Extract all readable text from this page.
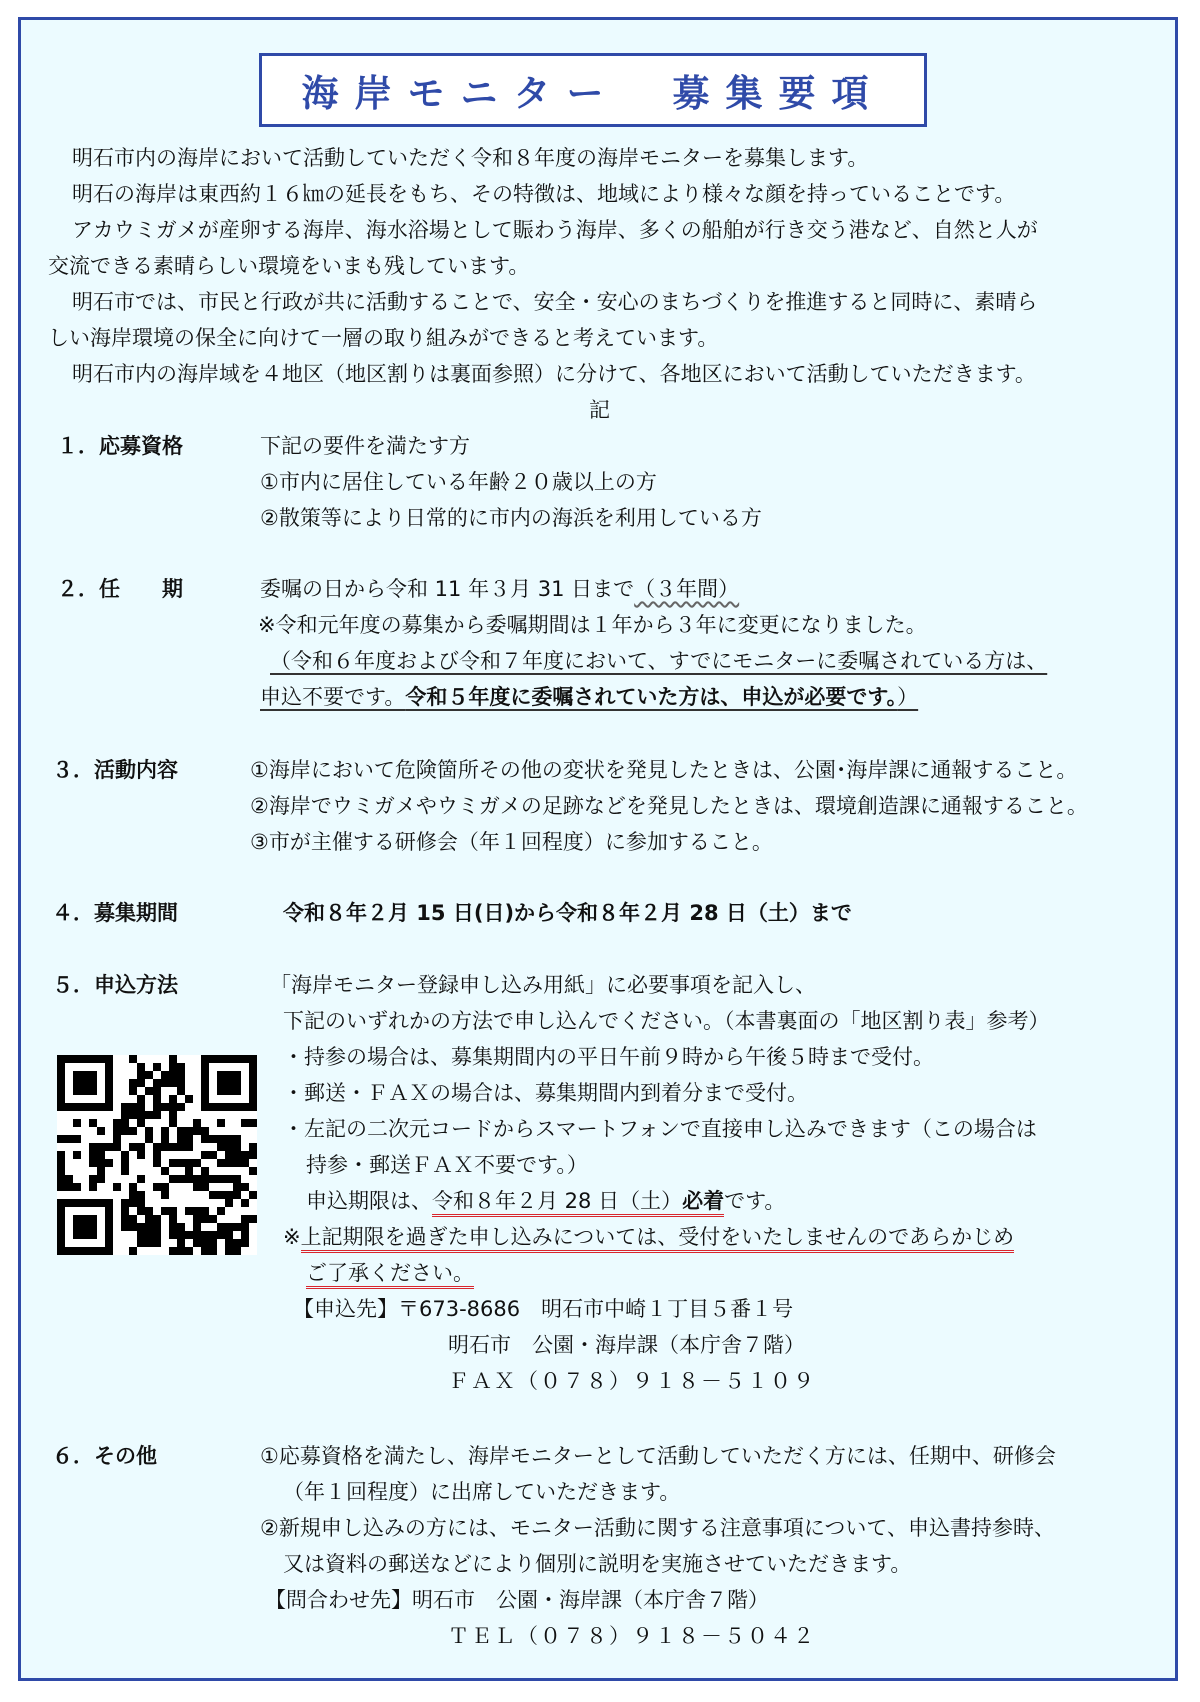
海岸モニター　募集要項
明石市内の海岸において活動していただく令和８年度の海岸モニターを募集します。
明石の海岸は東西約１６㎞の延長をもち、その特徴は、地域により様々な顔を持っていることです。
アカウミガメが産卵する海岸、海水浴場として賑わう海岸、多くの船舶が行き交う港など、自然と人が
交流できる素晴らしい環境をいまも残しています。
明石市では、市民と行政が共に活動することで、安全・安心のまちづくりを推進すると同時に、素晴ら
しい海岸環境の保全に向けて一層の取り組みができると考えています。
明石市内の海岸域を４地区（地区割りは裏面参照）に分けて、各地区において活動していただきます。
記
１．応募資格	下記の要件を満たす方
①市内に居住している年齢２０歳以上の方
②散策等により日常的に市内の海浜を利用している方
２．任　　期	委嘱の日から令和 11 年３月 31 日まで（３年間）
※令和元年度の募集から委嘱期間は１年から３年に変更になりました。
（令和６年度および令和７年度において、すでにモニターに委嘱されている方は、
申込不要です。令和５年度に委嘱されていた方は、申込が必要です。）
３．活動内容	①海岸において危険箇所その他の変状を発見したときは、公園･海岸課に通報すること。
②海岸でウミガメやウミガメの足跡などを発見したときは、環境創造課に通報すること。
③市が主催する研修会（年１回程度）に参加すること。
４．募集期間	令和８年２月 15 日(日)から令和８年２月 28 日（土）まで
５．申込方法	「海岸モニター登録申し込み用紙」に必要事項を記入し、
下記のいずれかの方法で申し込んでください。（本書裏面の「地区割り表」参考）
・持参の場合は、募集期間内の平日午前９時から午後５時まで受付。
・郵送・ＦＡＸの場合は、募集期間内到着分まで受付。
・左記の二次元コードからスマートフォンで直接申し込みできます（この場合は
持参・郵送ＦＡＸ不要です。）
申込期限は、令和８年２月 28 日（土）必着です。
※上記期限を過ぎた申し込みについては、受付をいたしませんのであらかじめ
ご了承ください。
【申込先】〒673-8686　明石市中崎１丁目５番１号
明石市　公園・海岸課（本庁舎７階）
ＦＡＸ（０７８）９１８－５１０９
６．その他	①応募資格を満たし、海岸モニターとして活動していただく方には、任期中、研修会
（年１回程度）に出席していただきます。
②新規申し込みの方には、モニター活動に関する注意事項について、申込書持参時、
又は資料の郵送などにより個別に説明を実施させていただきます。
【問合わせ先】明石市　公園・海岸課（本庁舎７階）
ＴＥＬ（０７８）９１８－５０４２
